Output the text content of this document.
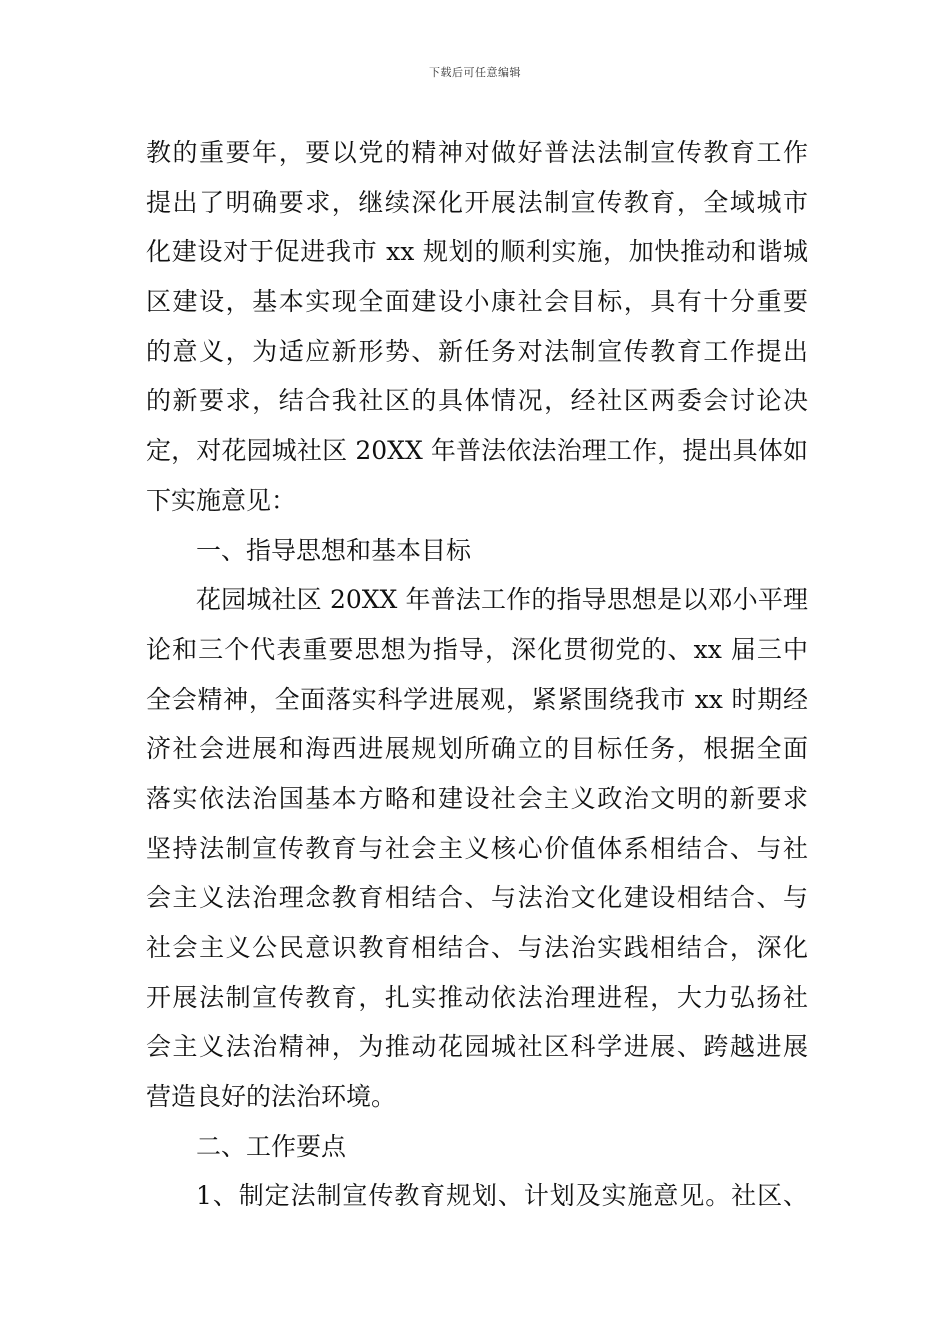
下载后可任意编辑
教的重要年，要以党的精神对做好普法法制宣传教育工作
提出了明确要求，继续深化开展法制宣传教育，全域城市
化建设对于促进我市 xx 规划的顺利实施，加快推动和谐城
区建设，基本实现全面建设小康社会目标，具有十分重要
的意义，为适应新形势、新任务对法制宣传教育工作提出
的新要求，结合我社区的具体情况，经社区两委会讨论决
定，对花园城社区 20XX 年普法依法治理工作，提出具体如
下实施意见：
一、指导思想和基本目标
花园城社区 20XX 年普法工作的指导思想是以邓小平理
论和三个代表重要思想为指导，深化贯彻党的、xx 届三中
全会精神，全面落实科学进展观，紧紧围绕我市 xx 时期经
济社会进展和海西进展规划所确立的目标任务，根据全面
落实依法治国基本方略和建设社会主义政治文明的新要求
坚持法制宣传教育与社会主义核心价值体系相结合、与社
会主义法治理念教育相结合、与法治文化建设相结合、与
社会主义公民意识教育相结合、与法治实践相结合，深化
开展法制宣传教育，扎实推动依法治理进程，大力弘扬社
会主义法治精神，为推动花园城社区科学进展、跨越进展
营造良好的法治环境。
二、工作要点
1、制定法制宣传教育规划、计划及实施意见。社区、
